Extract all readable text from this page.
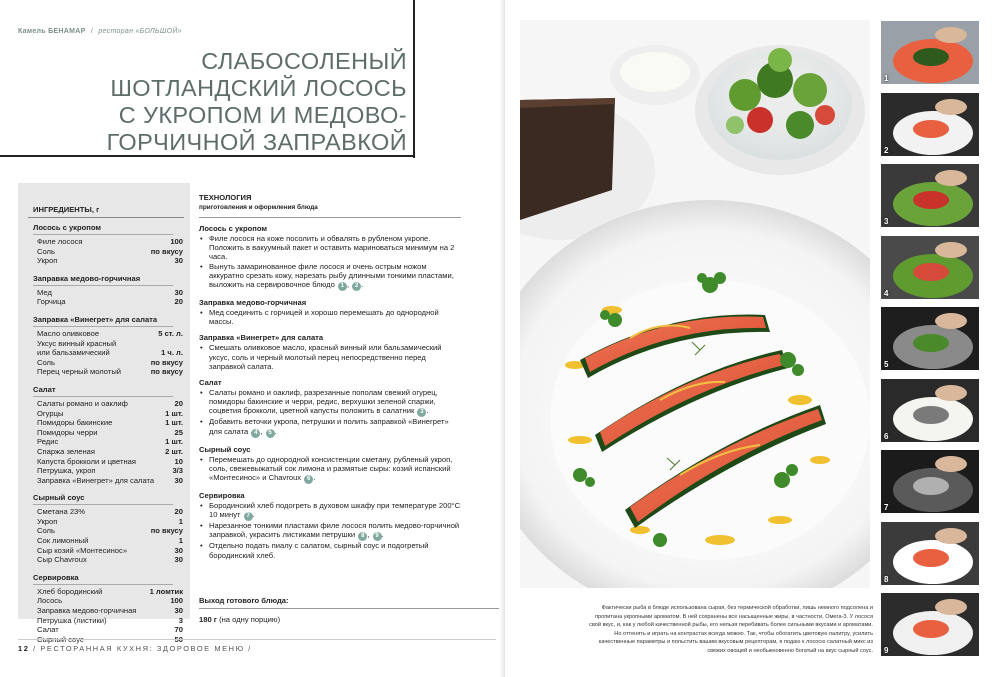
Камель БЕНАМАР / ресторан «БОЛЬШОЙ»
СЛАБОСОЛЕНЫЙ
ШОТЛАНДСКИЙ ЛОСОСЬ
С УКРОПОМ И МЕДОВО-
ГОРЧИЧНОЙ ЗАПРАВКОЙ
ИНГРЕДИЕНТЫ, г
Лосось с укропом
Филе лосося	100
Соль	по вкусу
Укроп	30
Заправка медово-горчичная
Мед	30
Горчица	20
Заправка «Винегрет» для салата
Масло оливковое	5 ст. л.
Уксус винный красный
или бальзамический	1 ч. л.
Соль	по вкусу
Перец черный молотый	по вкусу
Салат
Салаты романо и оаклиф	20
Огурцы	1 шт.
Помидоры бакинские	1 шт.
Помидоры черри	25
Редис	1 шт.
Спаржа зеленая	2 шт.
Капуста брокколи и цветная	10
Петрушка, укроп	3/3
Заправка «Винегрет» для салата	30
Сырный соус
Сметана 23%	20
Укроп	1
Соль	по вкусу
Сок лимонный	1
Сыр козий «Монтесинос»	30
Сыр Chavroux	30
Сервировка
Хлеб бородинский	1 ломтик
Лосось	100
Заправка медово-горчичная	30
Петрушка (листики)	3
Салат	70
ТЕХНОЛОГИЯ
приготовления и оформления блюда
Лосось с укропом
• Филе лосося на коже посолить и обвалять в рубленом укропе. Положить в вакуумный пакет и оставить мариноваться минимум на 2 часа.
• Вынуть замаринованное филе лосося и очень острым ножом аккуратно срезать кожу, нарезать рыбу длинными тонкими пластами, выложить на сервировочное блюдо 1 , 2 .
Заправка медово-горчичная
• Мед соединить с горчицей и хорошо перемешать до однородной массы.
Заправка «Винегрет» для салата
• Смешать оливковое масло, красный винный или бальзамический уксус, соль и черный молотый перец непосредственно перед заправкой салата.
Салат
• Салаты романо и оаклиф, разрезанные пополам свежий огурец, помидоры бакинские и черри, редис, верхушки зеленой спаржи, соцветия брокколи, цветной капусты положить в салатник 3 .
• Добавить веточки укропа, петрушки и полить заправкой «Винегрет» для салата 4 , 5 .
Сырный соус
• Перемешать до однородной консистенции сметану, рубленый укроп, соль, свежевыжатый сок лимона и размятые сыры: козий испанский «Монтесинос» и Chavroux 6 .
Сервировка
• Бородинский хлеб подогреть в духовом шкафу при температуре 200°C 10 минут 7 .
• Нарезанное тонкими пластами филе лосося полить медово-горчичной заправкой, украсить листиками петрушки 8 , 9 .
• Отдельно подать пиалу с салатом, сырный соус и подогретый бородинский хлеб.
Выход готового блюда:
180 г (на одну порцию)
12 / РЕСТОРАННАЯ КУХНЯ: ЗДОРОВОЕ МЕНЮ /
Фактически рыба в блюде использована сырая, без термической обработки, лишь немного подсолена и пропитана укропными ароматом. В ней сохранены все насыщенные жиры, в частности, Омега-3. У лосося свой вкус, и, как у любой качественной рыбы, его нельзя перебивать более сильными вкусами и ароматами. Но оттенять и играть на контрастах всегда можно. Так, чтобы обогатить цветовую палитру, усилить качественные параметры и польстить вашим вкусовым рецепторам, я подаю к лососю салатный микс из свежих овощей и необыкновенно богатый на вкус сырный соус.
1
2
3
4
5
6
7
8
9
